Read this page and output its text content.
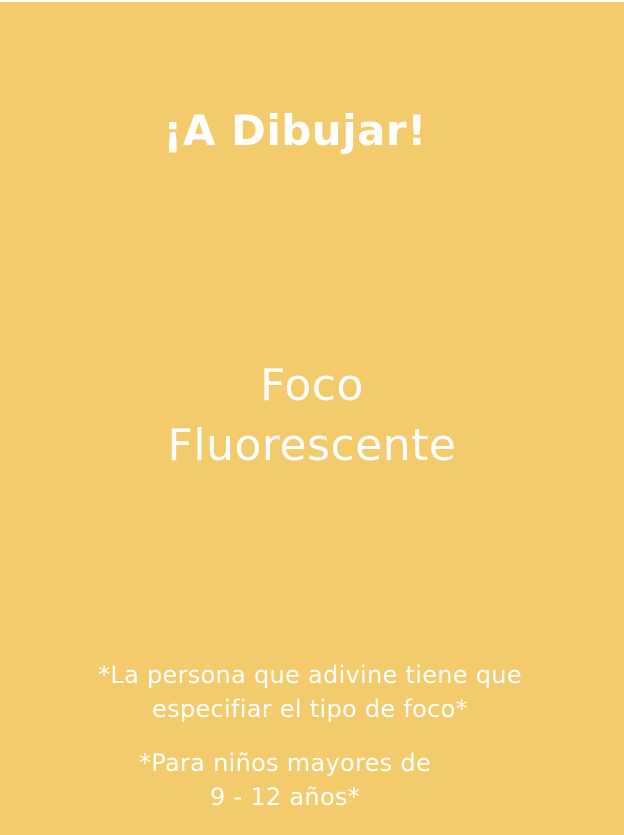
¡A Dibujar!

Foco

Fluorescente

*La persona que adivine tiene que
especifiar el tipo de foco*
*Para niños mayores de
9 - 12 años*
